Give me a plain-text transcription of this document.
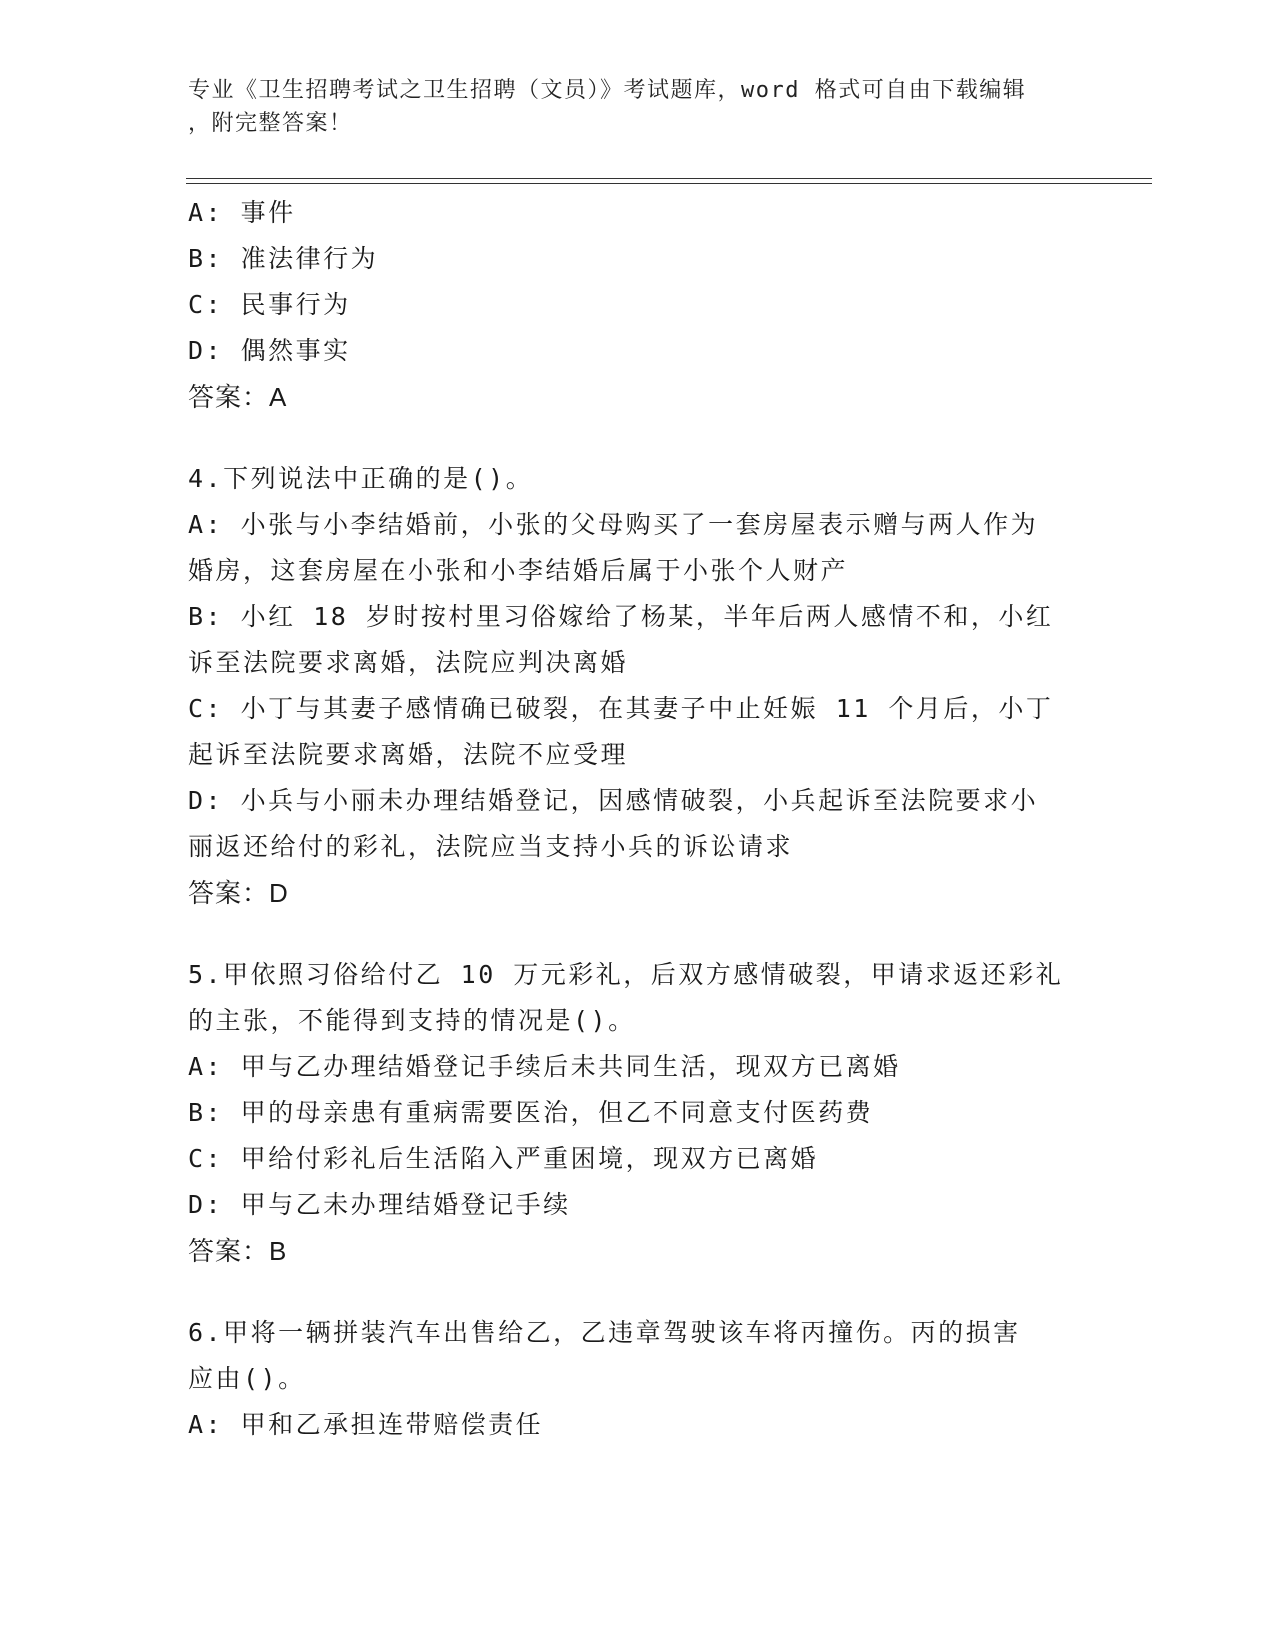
专业《卫生招聘考试之卫生招聘（文员）》考试题库，word 格式可自由下载编辑
，附完整答案！
A: 事件
B: 准法律行为
C: 民事行为
D: 偶然事实
答案：A
4.下列说法中正确的是()。
A: 小张与小李结婚前，小张的父母购买了一套房屋表示赠与两人作为
婚房，这套房屋在小张和小李结婚后属于小张个人财产
B: 小红 18 岁时按村里习俗嫁给了杨某，半年后两人感情不和，小红
诉至法院要求离婚，法院应判决离婚
C: 小丁与其妻子感情确已破裂，在其妻子中止妊娠 11 个月后，小丁
起诉至法院要求离婚，法院不应受理
D: 小兵与小丽未办理结婚登记，因感情破裂，小兵起诉至法院要求小
丽返还给付的彩礼，法院应当支持小兵的诉讼请求
答案：D
5.甲依照习俗给付乙 10 万元彩礼，后双方感情破裂，甲请求返还彩礼
的主张，不能得到支持的情况是()。
A: 甲与乙办理结婚登记手续后未共同生活，现双方已离婚
B: 甲的母亲患有重病需要医治，但乙不同意支付医药费
C: 甲给付彩礼后生活陷入严重困境，现双方已离婚
D: 甲与乙未办理结婚登记手续
答案：B
6.甲将一辆拼装汽车出售给乙，乙违章驾驶该车将丙撞伤。丙的损害
应由()。
A: 甲和乙承担连带赔偿责任
